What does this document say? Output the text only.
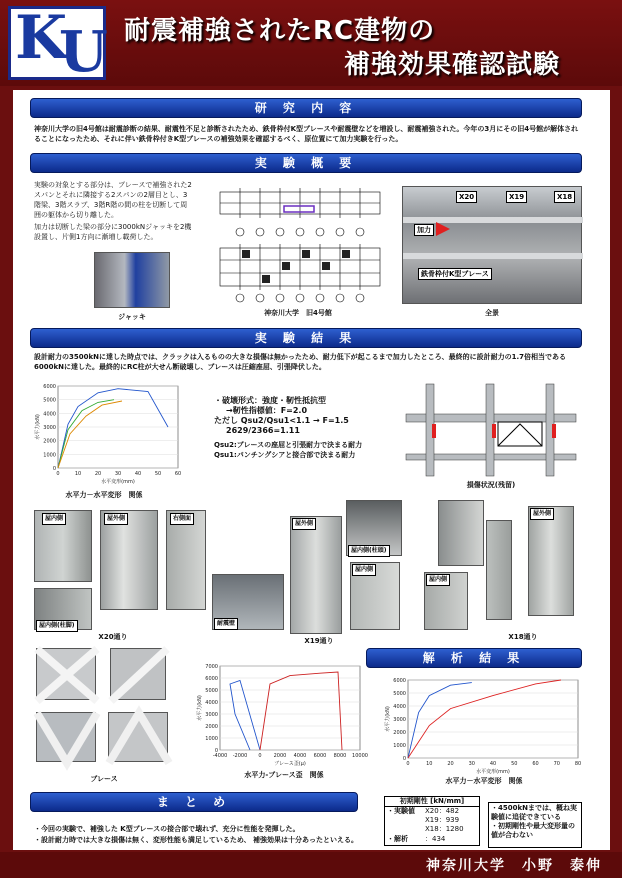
K
U 耐震補強されたRC建物の
補強効果確認試験
研 究 内 容
神奈川大学の旧4号館は耐震診断の結果、耐震性不足と診断されたため、鉄骨枠付K型ブレースや耐震壁などを増設し、耐震補強された。今年の3月にその旧4号館が解体されることになったため、それに伴い鉄骨枠付きK型ブレースの補強効果を確認するべく、原位置にて加力実験を行った。
実 験 概 要
実験の対象とする部分は、ブレースで補強された2スパンとそれに隣接する2スパンの2層目とし、3階梁、3階スラブ、3階R階の間の柱を切断して周囲の躯体から切り離した。
加力は切断した梁の部分に3000kNジャッキを2機設置し、片側1方向に漸増し載荷した。
ジャッキ	神奈川大学　旧4号館
X20	X19	X18
加力
鉄骨枠付K型ブレース
全景
実 験 結 果
設計耐力の3500kNに達した時点では、クラックは入るものの大きな損傷は無かったため、耐力低下が起こるまで加力したところ、最終的に設計耐力の1.7倍相当である6000kNに達した。最終的にRC柱が大せん断破壊し、ブレースは圧縮座屈、引張降伏した。
0
1000
2000
3000
4000
5000
6000
0	10	20	30	40	50	60
水平変形(mm)
水平力(kN)
水平力－水平変形　関係
・破壊形式：強度・靭性抵抗型
→靭性指標値：F=2.0
ただし Qsu2/Qsu1<1.1 → F=1.5
2629/2366=1.11
Qsu2:ブレースの座屈と引張耐力で決まる耐力
Qsu1:パンチングシアと接合部で決まる耐力
損傷状況(残留)
屋内側	屋外側	右側面
屋内側(柱脚)
X20通り
耐震壁
屋外側
X19通り
屋内側(柱頭)
屋内側
屋内側
屋外側
X18通り
ブレース
0
1000
2000
3000
4000
5000
6000
7000
-4000 -2000 0 2000 4000 6000 8000 10000
ブレース歪(μ)
水平力(kN)
水平力-ブレース歪　関係
解 析 結 果
0
1000
2000
3000
4000
5000
6000
0	10	20	30	40	50	60	70	80
水平変形(mm)
水平力(kN)
水平力－水平変形　関係
ま と め
・今回の実験で、補強した K型ブレースの接合部で壊れず、充分に性能を発揮した。
・設計耐力時では大きな損傷は無く、変形性能も満足しているため、 補強効果は十分あったといえる。
初期剛性 [kN/mm]
・実験値 X20：482
X19：939
X18：1280
・解析 ：434
・4500kNまでは、概ね実験値に追従できている
・初期剛性や最大変形量の値が合わない
神奈川大学　小野　泰伸
